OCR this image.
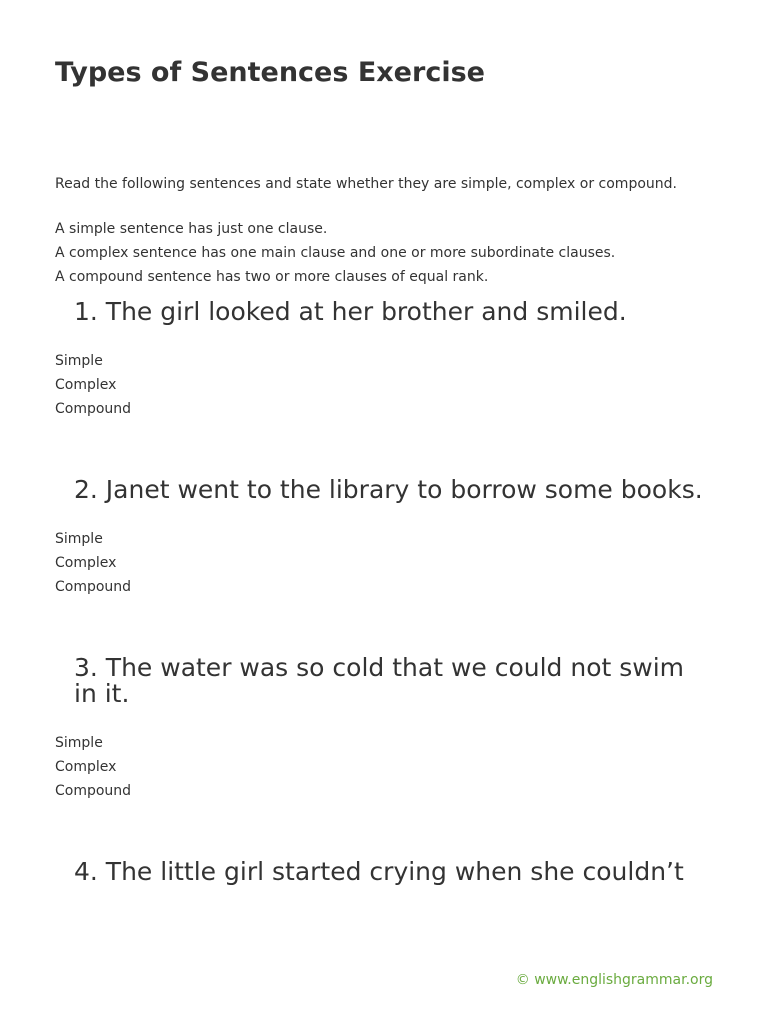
Types of Sentences Exercise

Read the following sentences and state whether they are simple, complex or compound.

A simple sentence has just one clause.
A complex sentence has one main clause and one or more subordinate clauses.
A compound sentence has two or more clauses of equal rank.
1. The girl looked at her brother and smiled.
Simple
Complex
Compound
2. Janet went to the library to borrow some books.
Simple
Complex
Compound
3. The water was so cold that we could not swim in it.
Simple
Complex
Compound
4. The little girl started crying when she couldn’t
© www.englishgrammar.org
